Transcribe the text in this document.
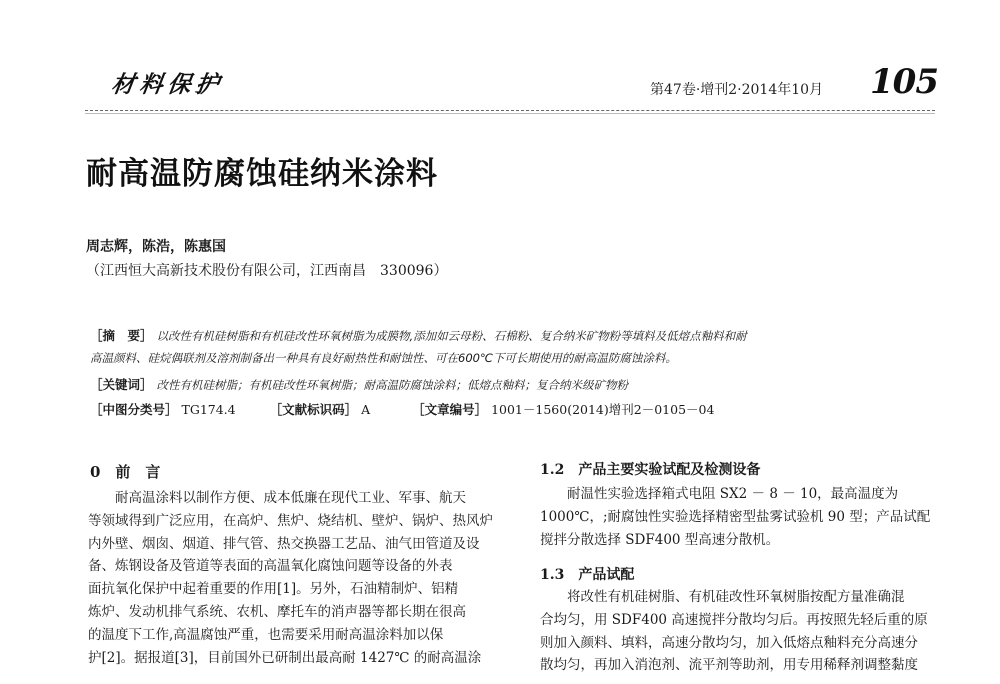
材料保护	第47卷·增刊2·2014年10月 105
耐高温防腐蚀硅纳米涂料
周志辉，陈浩，陈惠国
（江西恒大高新技术股份有限公司，江西南昌　330096）
［摘　要］ 以改性有机硅树脂和有机硅改性环氧树脂为成膜物,添加如云母粉、石棉粉、复合纳米矿物粉等填料及低熔点釉料和耐
高温颜料、硅烷偶联剂及溶剂制备出一种具有良好耐热性和耐蚀性、可在600℃下可长期使用的耐高温防腐蚀涂料。
［关键词］ 改性有机硅树脂；有机硅改性环氧树脂；耐高温防腐蚀涂料；低熔点釉料；复合纳米级矿物粉
［中图分类号］ TG174.4	［文献标识码］ A	［文章编号］ 1001－1560(2014)增刊2－0105－04
0　前　言
　　耐高温涂料以制作方便、成本低廉在现代工业、军事、航天
等领域得到广泛应用，在高炉、焦炉、烧结机、壁炉、锅炉、热风炉
内外壁、烟囱、烟道、排气管、热交换器工艺品、油气田管道及设
备、炼钢设备及管道等表面的高温氧化腐蚀问题等设备的外表
面抗氧化保护中起着重要的作用[1]。另外，石油精制炉、铝精
炼炉、发动机排气系统、农机、摩托车的消声器等都长期在很高
的温度下工作,高温腐蚀严重，也需要采用耐高温涂料加以保
护[2]。据报道[3]，目前国外已研制出最高耐 1427℃ 的耐高温涂
1.2　产品主要实验试配及检测设备
　　耐温性实验选择箱式电阻 SX2 － 8 － 10，最高温度为
1000℃，;耐腐蚀性实验选择精密型盐雾试验机 90 型；产品试配
搅拌分散选择 SDF400 型高速分散机。
1.3　产品试配
　　将改性有机硅树脂、有机硅改性环氧树脂按配方量准确混
合均匀，用 SDF400 高速搅拌分散均匀后。再按照先轻后重的原
则加入颜料、填料，高速分散均匀，加入低熔点釉料充分高速分
散均匀，再加入消泡剂、流平剂等助剂，用专用稀释剂调整黏度
